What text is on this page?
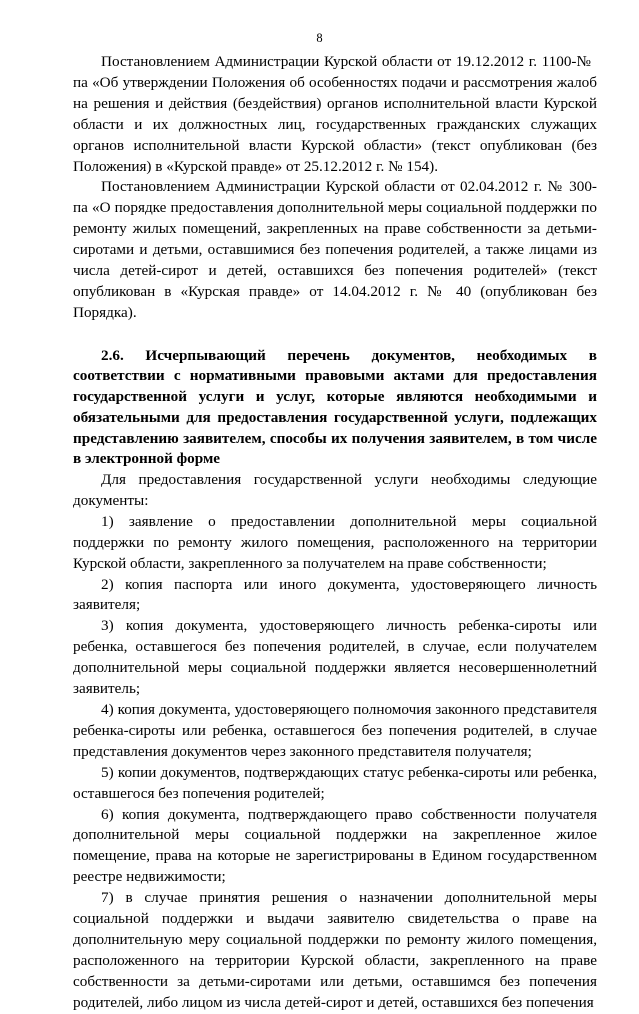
8

№
Постановлением Администрации Курской области от 19.12.2012 г. 1100-па «Об утверждении Положения об особенностях подачи и рассмотрения жалоб на решения и действия (бездействия) органов исполнительной власти Курской области и их должностных лиц, государственных гражданских служащих органов исполнительной власти Курской области» (текст опубликован (без Положения) в «Курской правде» от 25.12.2012 г. № 154).

Постановлением Администрации Курской области от 02.04.2012 г. № 300-па «О порядке предоставления дополнительной меры социальной поддержки по ремонту жилых помещений, закрепленных на праве собственности за детьми-сиротами и детьми, оставшимися без попечения родителей, а также лицами из числа детей-сирот и детей, оставшихся без попечения родителей» (текст опубликован в «Курская правде» от 14.04.2012 г. № 40 (опубликован без Порядка).

2.6. Исчерпывающий перечень документов, необходимых в соответствии с нормативными правовыми актами для предоставления государственной услуги и услуг, которые являются необходимыми и обязательными для предоставления государственной услуги, подлежащих представлению заявителем, способы их получения заявителем, в том числе в электронной форме

Для предоставления государственной услуги необходимы следующие документы:

1) заявление о предоставлении дополнительной меры социальной поддержки по ремонту жилого помещения, расположенного на территории Курской области, закрепленного за получателем на праве собственности;

2) копия паспорта или иного документа, удостоверяющего личность заявителя;

3) копия документа, удостоверяющего личность ребенка-сироты или ребенка, оставшегося без попечения родителей, в случае, если получателем дополнительной меры социальной поддержки является несовершеннолетний заявитель;

4) копия документа, удостоверяющего полномочия законного представителя ребенка-сироты или ребенка, оставшегося без попечения родителей, в случае представления документов через законного представителя получателя;

5) копии документов, подтверждающих статус ребенка-сироты или ребенка, оставшегося без попечения родителей;

6) копия документа, подтверждающего право собственности получателя дополнительной меры социальной поддержки на закрепленное жилое помещение, права на которые не зарегистрированы в Едином государственном реестре недвижимости;

7) в случае принятия решения о назначении дополнительной меры социальной поддержки и выдачи заявителю свидетельства о праве на дополнительную меру социальной поддержки по ремонту жилого помещения, расположенного на территории Курской области, закрепленного на праве собственности за детьми-сиротами или детьми, оставшимся без попечения родителей, либо лицом из числа детей-сирот и детей, оставшихся без попечения
